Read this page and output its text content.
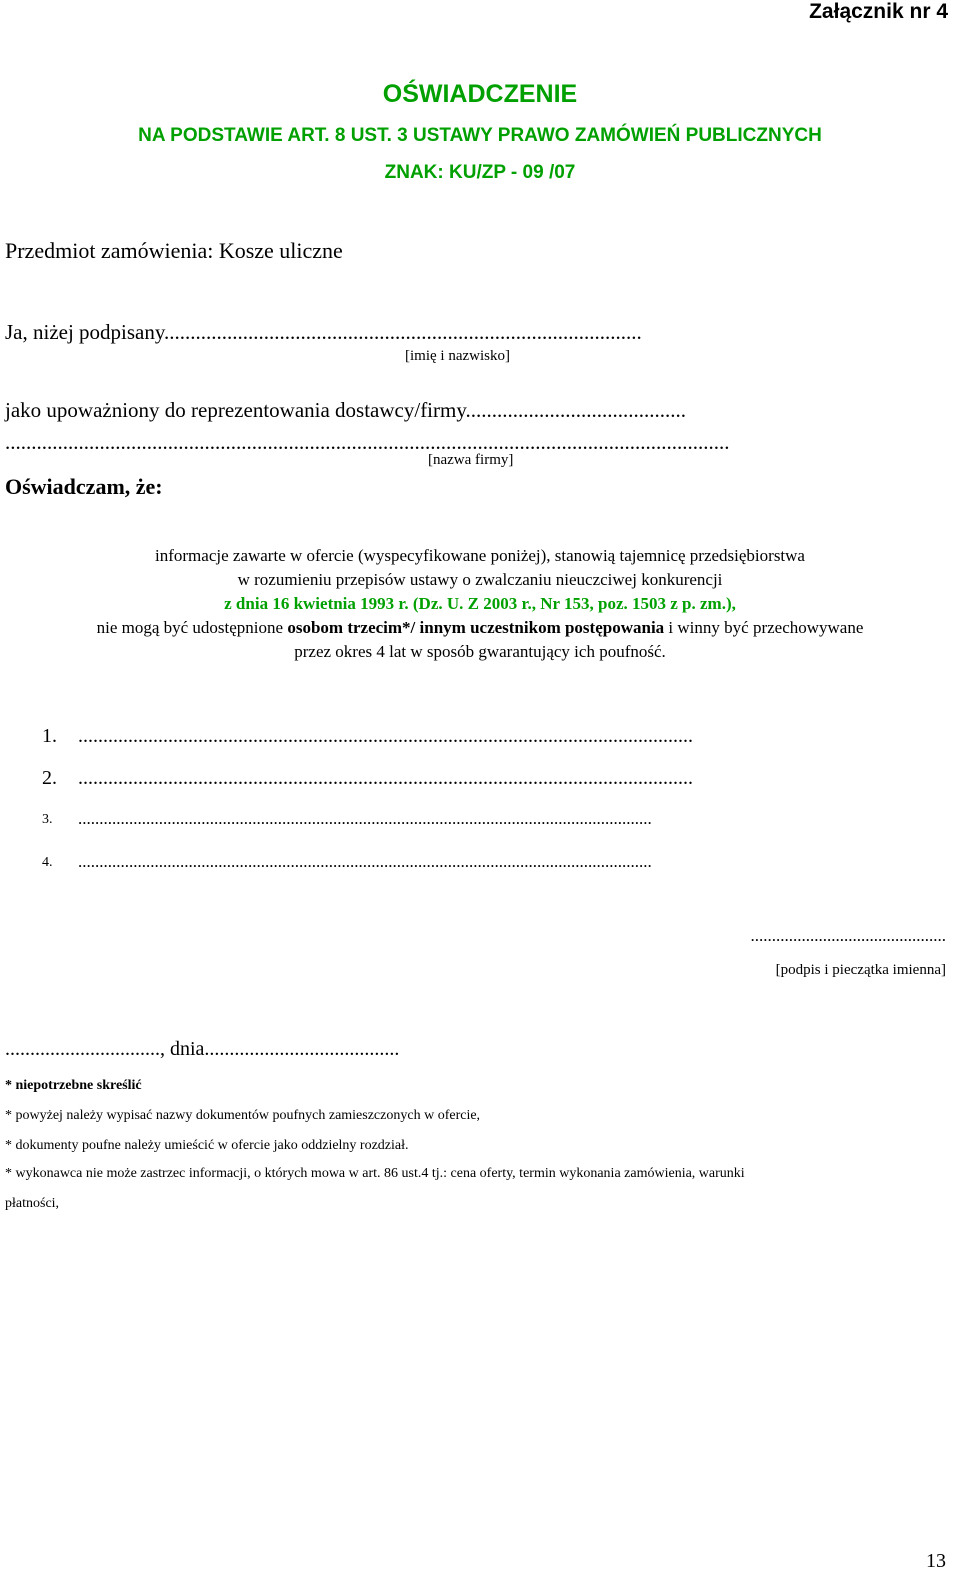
Załącznik nr 4
OŚWIADCZENIE
NA PODSTAWIE ART. 8 UST. 3 USTAWY PRAWO ZAMÓWIEŃ PUBLICZNYCH
ZNAK: KU/ZP - 09 /07
Przedmiot zamówienia: Kosze uliczne
Ja, niżej podpisany...........................................................................................
[imię i nazwisko]
jako upoważniony do reprezentowania dostawcy/firmy..........................................
..........................................................................................................................................
[nazwa firmy]
Oświadczam, że:
informacje zawarte w ofercie (wyspecyfikowane poniżej), stanowią tajemnicę przedsiębiorstwa
w rozumieniu przepisów ustawy o zwalczaniu nieuczciwej konkurencji
z dnia 16 kwietnia 1993 r. (Dz. U. Z 2003 r., Nr 153, poz. 1503 z p. zm.),
nie mogą być udostępnione osobom trzecim*/ innym uczestnikom postępowania i winny być przechowywane
przez okres 4 lat w sposób gwarantujący ich poufność.
1. ...........................................................................................................................
2. ...........................................................................................................................
3. .......................................................................................................................................
4. .......................................................................................................................................
..............................................
[podpis i pieczątka imienna]
..............................., dnia.......................................
* niepotrzebne skreślić
* powyżej należy wypisać nazwy dokumentów poufnych zamieszczonych w ofercie,
* dokumenty poufne należy umieścić w ofercie jako oddzielny rozdział.
* wykonawca nie może zastrzec informacji, o których mowa w art. 86 ust.4 tj.: cena oferty, termin wykonania zamówienia, warunki
płatności,
13
